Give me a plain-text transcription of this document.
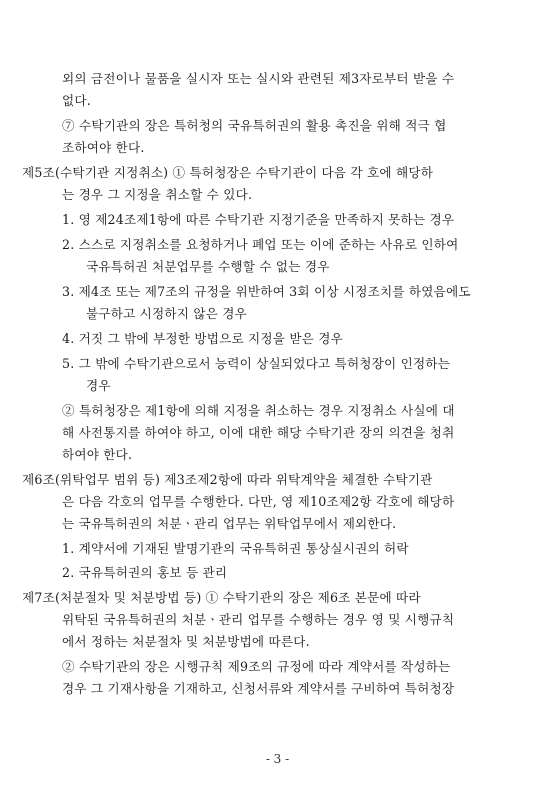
외의 금전이나 물품을 실시자 또는 실시와 관련된 제3자로부터 받을 수
없다.
⑦ 수탁기관의 장은 특허청의 국유특허권의 활용 촉진을 위해 적극 협
조하여야 한다.
제5조(수탁기관 지정취소) ① 특허청장은 수탁기관이 다음 각 호에 해당하
는 경우 그 지정을 취소할 수 있다.
1. 영 제24조제1항에 따른 수탁기관 지정기준을 만족하지 못하는 경우
2. 스스로 지정취소를 요청하거나 폐업 또는 이에 준하는 사유로 인하여
국유특허권 처분업무를 수행할 수 없는 경우
3. 제4조 또는 제7조의 규정을 위반하여 3회 이상 시정조치를 하였음에도
불구하고 시정하지 않은 경우
4. 거짓 그 밖에 부정한 방법으로 지정을 받은 경우
5. 그 밖에 수탁기관으로서 능력이 상실되었다고 특허청장이 인정하는
경우
② 특허청장은 제1항에 의해 지정을 취소하는 경우 지정취소 사실에 대
해 사전통지를 하여야 하고, 이에 대한 해당 수탁기관 장의 의견을 청취
하여야 한다.
제6조(위탁업무 범위 등) 제3조제2항에 따라 위탁계약을 체결한 수탁기관
은 다음 각호의 업무를 수행한다. 다만, 영 제10조제2항 각호에 해당하
는 국유특허권의 처분ㆍ관리 업무는 위탁업무에서 제외한다.
1. 계약서에 기재된 발명기관의 국유특허권 통상실시권의 허락
2. 국유특허권의 홍보 등 관리
제7조(처분절차 및 처분방법 등) ① 수탁기관의 장은 제6조 본문에 따라
위탁된 국유특허권의 처분ㆍ관리 업무를 수행하는 경우 영 및 시행규칙
에서 정하는 처분절차 및 처분방법에 따른다.
② 수탁기관의 장은 시행규칙 제9조의 규정에 따라 계약서를 작성하는
경우 그 기재사항을 기재하고, 신청서류와 계약서를 구비하여 특허청장
- 3 -
